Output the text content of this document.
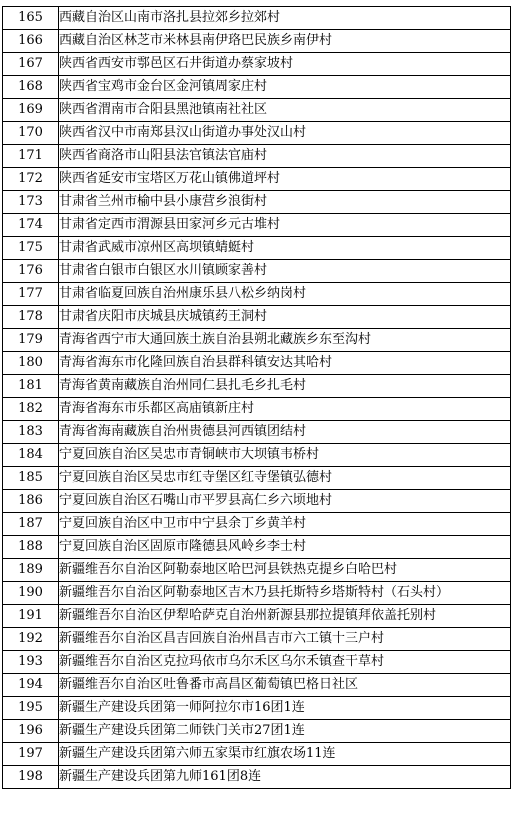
165	西藏自治区山南市洛扎县拉郊乡拉郊村
166	西藏自治区林芝市米林县南伊珞巴民族乡南伊村
167	陕西省西安市鄠邑区石井街道办蔡家坡村
168	陕西省宝鸡市金台区金河镇周家庄村
169	陕西省渭南市合阳县黑池镇南社社区
170	陕西省汉中市南郑县汉山街道办事处汉山村
171	陕西省商洛市山阳县法官镇法官庙村
172	陕西省延安市宝塔区万花山镇佛道坪村
173	甘肃省兰州市榆中县小康营乡浪街村
174	甘肃省定西市渭源县田家河乡元古堆村
175	甘肃省武威市凉州区高坝镇蜻蜓村
176	甘肃省白银市白银区水川镇顾家善村
177	甘肃省临夏回族自治州康乐县八松乡纳岗村
178	甘肃省庆阳市庆城县庆城镇药王洞村
179	青海省西宁市大通回族土族自治县朔北藏族乡东至沟村
180	青海省海东市化隆回族自治县群科镇安达其哈村
181	青海省黄南藏族自治州同仁县扎毛乡扎毛村
182	青海省海东市乐都区高庙镇新庄村
183	青海省海南藏族自治州贵德县河西镇团结村
184	宁夏回族自治区吴忠市青铜峡市大坝镇韦桥村
185	宁夏回族自治区吴忠市红寺堡区红寺堡镇弘德村
186	宁夏回族自治区石嘴山市平罗县高仁乡六顷地村
187	宁夏回族自治区中卫市中宁县余丁乡黄羊村
188	宁夏回族自治区固原市隆德县风岭乡李士村
189	新疆维吾尔自治区阿勒泰地区哈巴河县铁热克提乡白哈巴村
190	新疆维吾尔自治区阿勒泰地区吉木乃县托斯特乡塔斯特村（石头村）
191	新疆维吾尔自治区伊犁哈萨克自治州新源县那拉提镇拜依盖托别村
192	新疆维吾尔自治区昌吉回族自治州昌吉市六工镇十三户村
193	新疆维吾尔自治区克拉玛依市乌尔禾区乌尔禾镇查干草村
194	新疆维吾尔自治区吐鲁番市高昌区葡萄镇巴格日社区
195	新疆生产建设兵团第一师阿拉尔市16团1连
196	新疆生产建设兵团第二师铁门关市27团1连
197	新疆生产建设兵团第六师五家渠市红旗农场11连
198	新疆生产建设兵团第九师161团8连
